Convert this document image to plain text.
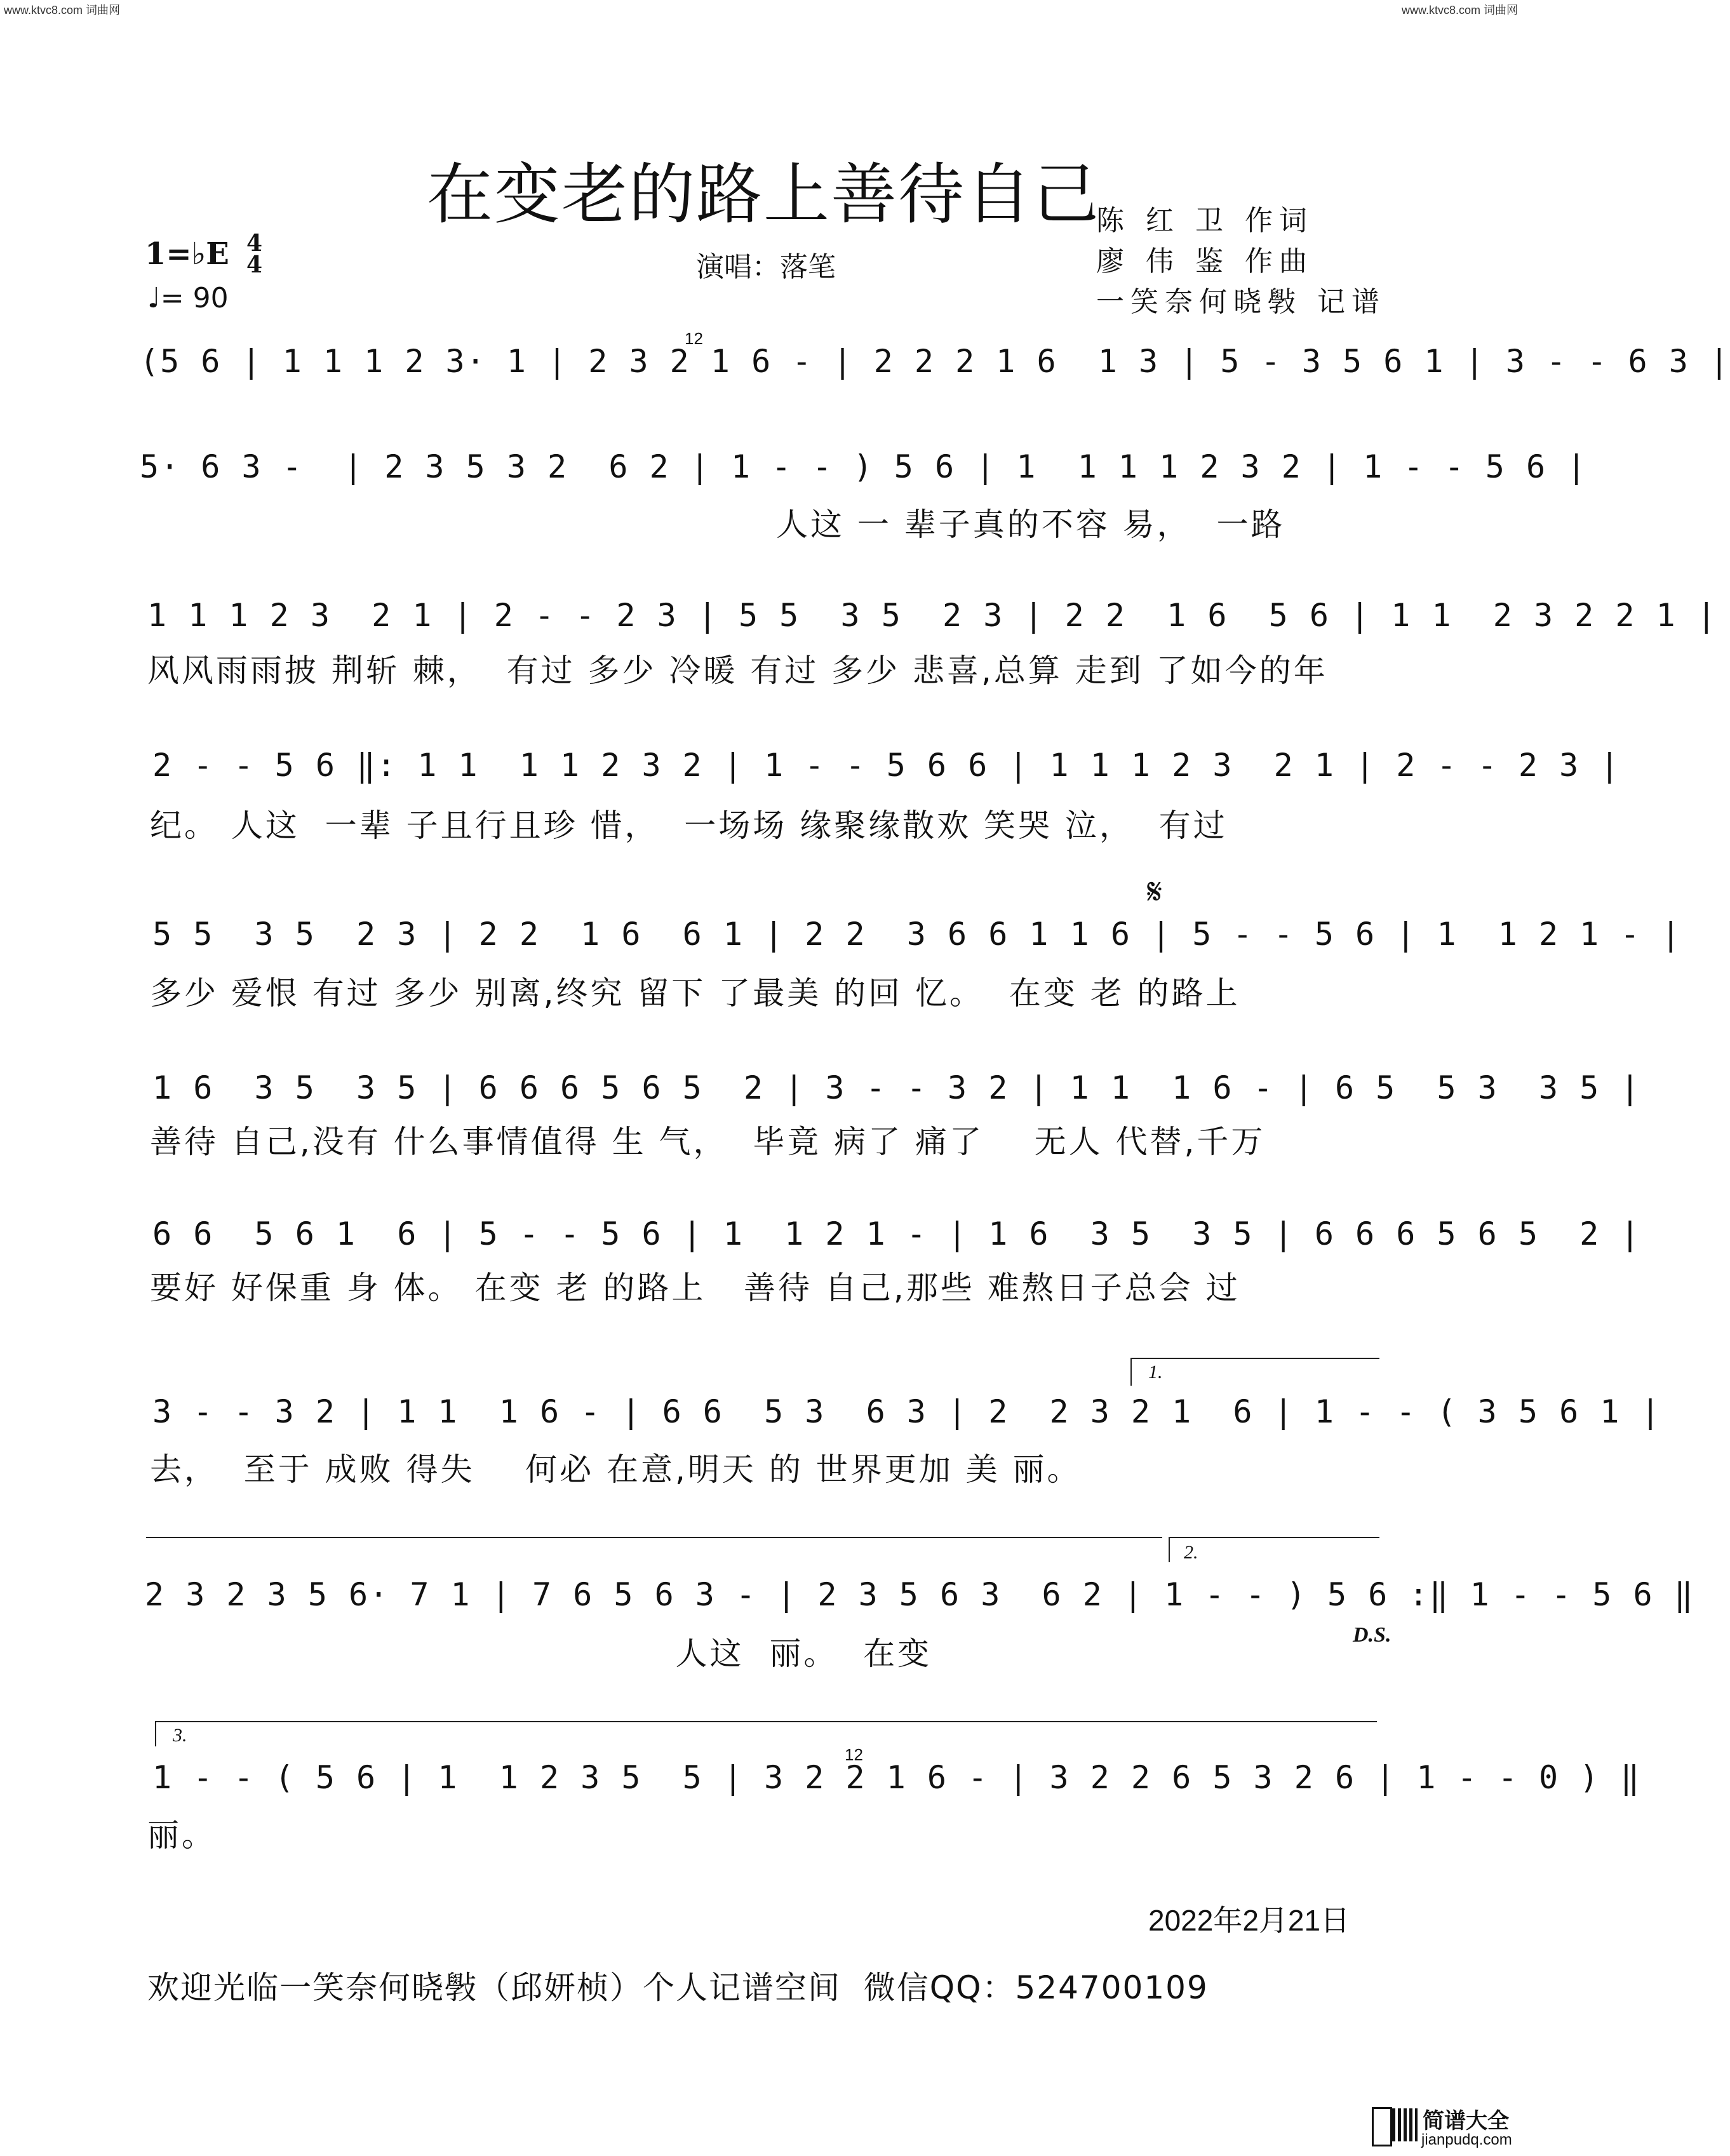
www.ktvc8.com 词曲网	www.ktvc8.com 词曲网
在变老的路上善待自己
1=♭E 4
4
♩= 90
演唱：落笔
陈 红 卫 作词
廖 伟 鉴 作曲
一笑奈何晓斅 记谱
(5 6 | 1 1 1 2 3· 1 | 2 3 2 1 6 - | 2 2 2 1 6  1 3 | 5 - 3 5 6 1 | 3 - - 6 3 |
12
5· 6 3 -  | 2 3 5 3 2  6 2 | 1 - - ) 5 6 | 1  1 1 1 2 3 2 | 1 - - 5 6 |
人这 一 辈子真的不容 易，  一路
1 1 1 2 3  2 1 | 2 - - 2 3 | 5 5  3 5  2 3 | 2 2  1 6  5 6 | 1 1  2 3 2 2 1 |
风风雨雨披 荆斩 棘，  有过 多少 冷暖 有过 多少 悲喜,总算 走到 了如今的年
2 - - 5 6 ‖: 1 1  1 1 2 3 2 | 1 - - 5 6 6 | 1 1 1 2 3  2 1 | 2 - - 2 3 |
纪。 人这  一辈 子且行且珍 惜，  一场场 缘聚缘散欢 笑哭 泣，  有过
𝄋
5 5  3 5  2 3 | 2 2  1 6  6 1 | 2 2  3 6 6 1 1 6 | 5 - - 5 6 | 1  1 2 1 - |
多少 爱恨 有过 多少 别离,终究 留下 了最美 的回 忆。  在变 老 的路上
1 6  3 5  3 5 | 6 6 6 5 6 5  2 | 3 - - 3 2 | 1 1  1 6 - | 6 5  5 3  3 5 |
善待 自己,没有 什么事情值得 生 气，  毕竟 病了 痛了    无人 代替,千万
6 6  5 6 1  6 | 5 - - 5 6 | 1  1 2 1 - | 1 6  3 5  3 5 | 6 6 6 5 6 5  2 |
要好 好保重 身 体。 在变 老 的路上   善待 自己,那些 难熬日子总会 过
1.
3 - - 3 2 | 1 1  1 6 - | 6 6  5 3  6 3 | 2  2 3 2 1  6 | 1 - - ( 3 5 6 1 |
去，  至于 成败 得失    何必 在意,明天 的 世界更加 美 丽。
2.
2 3 2 3 5 6· 7 1 | 7 6 5 6 3 - | 2 3 5 6 3  6 2 | 1 - - ) 5 6 :‖ 1 - - 5 6 ‖
人这  丽。  在变
D.S.
3.
1 - - ( 5 6 | 1  1 2 3 5  5 | 3 2 2 1 6 - | 3 2 2 6 5 3 2 6 | 1 - - 0 ) ‖
12
丽。
2022年2月21日
欢迎光临一笑奈何晓斅（邱妍桢）个人记谱空间  微信QQ：524700109
简谱大全
jianpudq.com
